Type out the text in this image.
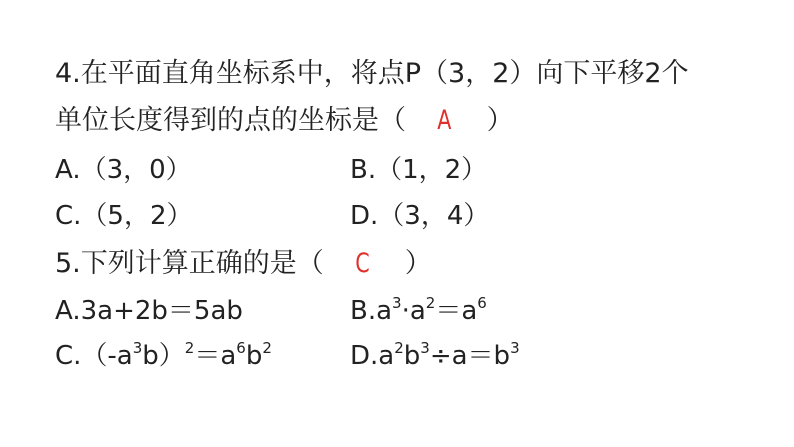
4.在平面直角坐标系中，将点P（3，2）向下平移2个
单位长度得到的点的坐标是（ A ）
A.（3，0）	B.（1，2）
C.（5，2）	D.（3，4）
5.下列计算正确的是（ C ）
A.3a+2b＝5ab	$B.a^3\cdot a^2=a^6$
$C.(-a^3b)^2=a^6b^2$	$D.a^2b^3\div a=b^3$
